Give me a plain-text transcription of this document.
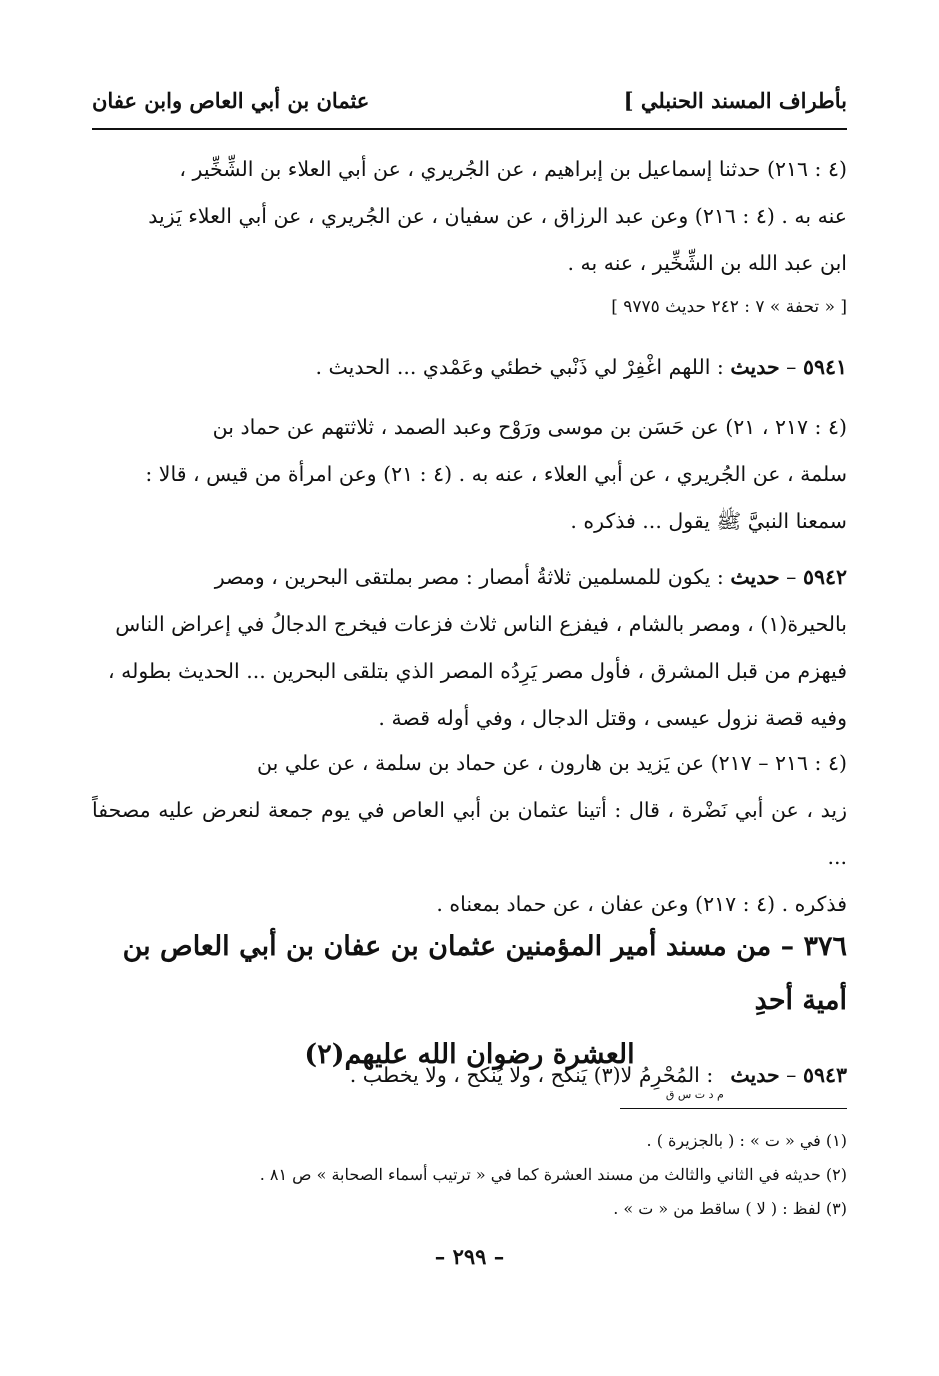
بأطراف المسند الحنبلي ]
عثمان بن أبي العاص وابن عفان
(٤ : ٢١٦) حدثنا إسماعيل بن إبراهيم ، عن الجُريري ، عن أبي العلاء بن الشِّخِّير ،
عنه به . (٤ : ٢١٦) وعن عبد الرزاق ، عن سفيان ، عن الجُريري ، عن أبي العلاء يَزيد
ابن عبد الله بن الشِّخِّير ، عنه به .
[ « تحفة » ٧ : ٢٤٢ حديث ٩٧٧٥ ]
٥٩٤١ – حديث : اللهم اغْفِرْ لي ذَنْبي خطئي وعَمْدي ... الحديث .
(٤ : ٢١٧ ، ٢١) عن حَسَن بن موسى ورَوْح وعبد الصمد ، ثلاثتهم عن حماد بن
سلمة ، عن الجُريري ، عن أبي العلاء ، عنه به . (٤ : ٢١) وعن امرأة من قيس ، قالا :
سمعنا النبيَّ ﷺ يقول ... فذكره .
٥٩٤٢ – حديث : يكون للمسلمين ثلاثةُ أمصار : مصر بملتقى البحرين ، ومصر
بالحيرة(١) ، ومصر بالشام ، فيفزع الناس ثلاث فزعات فيخرج الدجالُ في إعراض الناس
فيهزم من قبل المشرق ، فأول مصر يَرِدُه المصر الذي بتلقى البحرين ... الحديث بطوله ،
وفيه قصة نزول عيسى ، وقتل الدجال ، وفي أوله قصة .
(٤ : ٢١٦ – ٢١٧) عن يَزيد بن هارون ، عن حماد بن سلمة ، عن علي بن
زيد ، عن أبي نَضْرة ، قال : أتينا عثمان بن أبي العاص في يوم جمعة لنعرض عليه مصحفاً ...
فذكره . (٤ : ٢١٧) وعن عفان ، عن حماد بمعناه .
٣٧٦ – من مسند أمير المؤمنين عثمان بن عفان بن أبي العاص بن أمية أحدِ
العشرة رضوان الله عليهم(٢)
٥٩٤٣ – حديث $_{م د ت س ق}$ : المُحْرِمُ لا(٣) يَنكح ، ولا يُنكح ، ولا يخطب .
(١) في « ت » : ( بالجزيرة ) .
(٢) حديثه في الثاني والثالث من مسند العشرة كما في « ترتيب أسماء الصحابة » ص ٨١ .
(٣) لفظ : ( لا ) ساقط من « ت » .
– ٢٩٩ –
